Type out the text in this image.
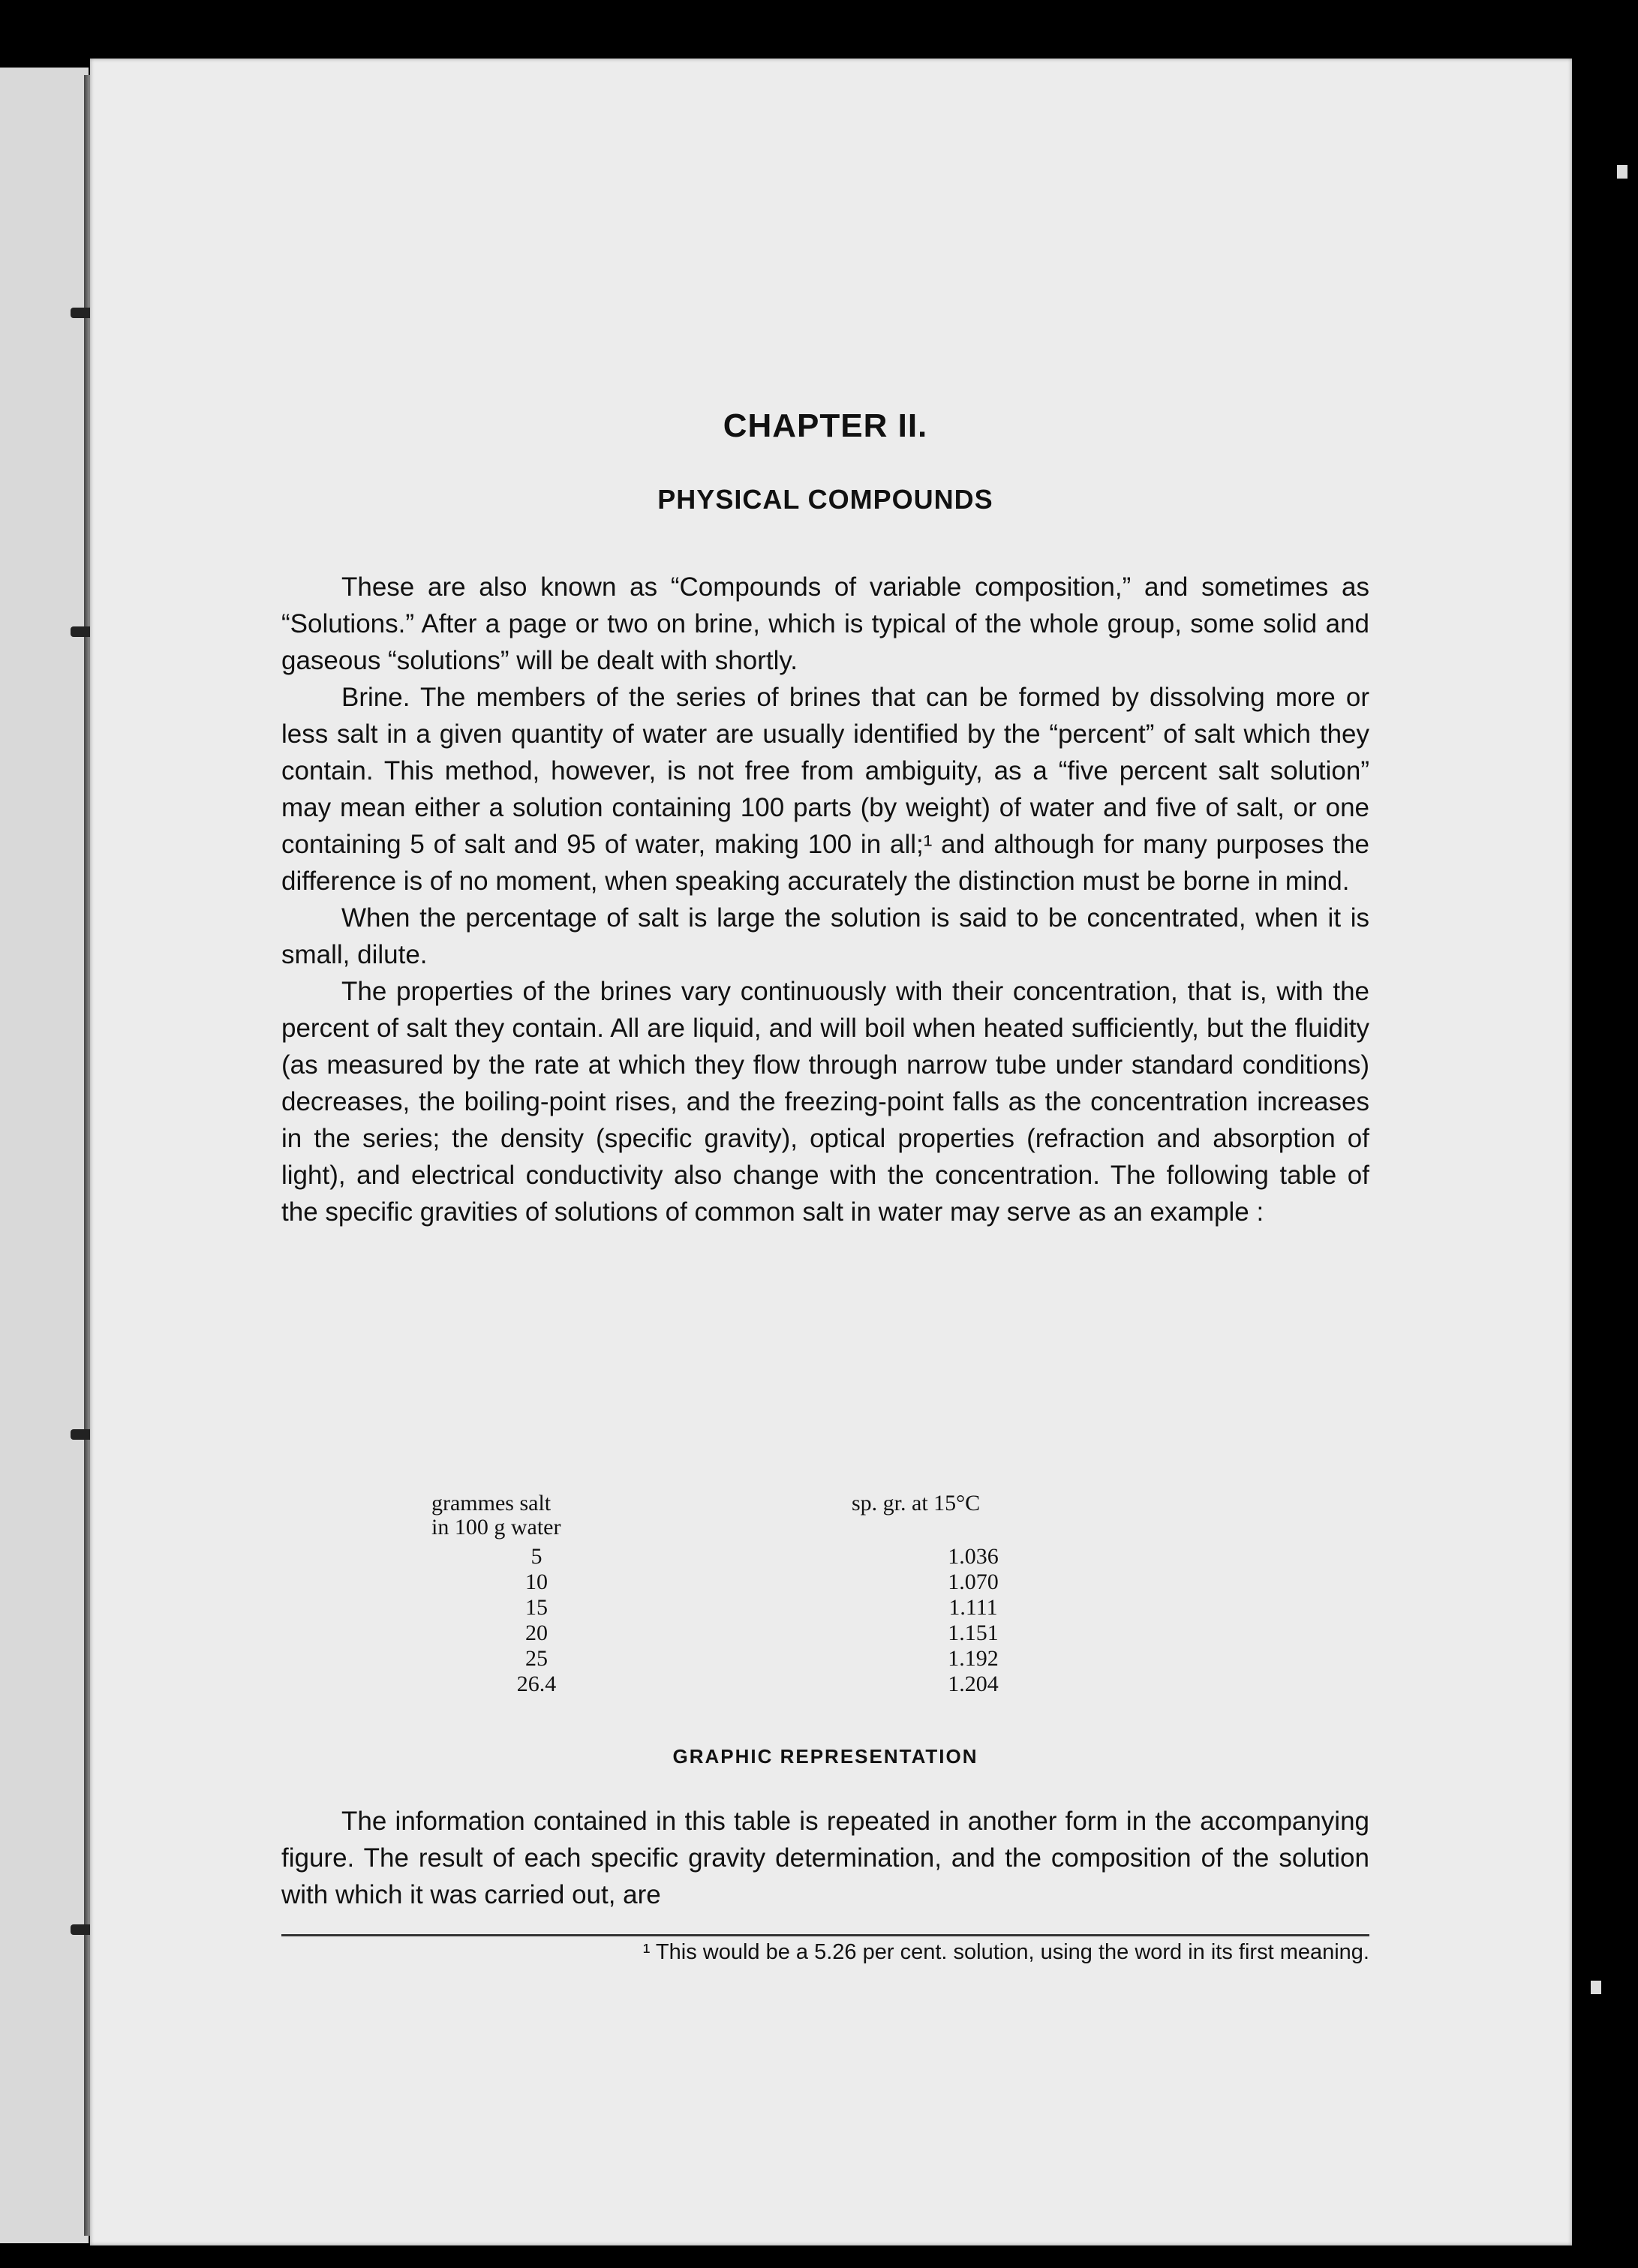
CHAPTER II.
PHYSICAL COMPOUNDS

These are also known as “Compounds of variable composition,” and sometimes as “Solutions.” After a page or two on brine, which is typical of the whole group, some solid and gaseous “solutions” will be dealt with shortly.

Brine. The members of the series of brines that can be formed by dissolving more or less salt in a given quantity of water are usually identified by the “percent” of salt which they contain. This method, however, is not free from ambiguity, as a “five percent salt solution” may mean either a solution containing 100 parts (by weight) of water and five of salt, or one containing 5 of salt and 95 of water, making 100 in all;¹ and although for many purposes the difference is of no moment, when speaking accurately the distinction must be borne in mind.

When the percentage of salt is large the solution is said to be concentrated, when it is small, dilute.

The properties of the brines vary continuously with their concentration, that is, with the percent of salt they contain. All are liquid, and will boil when heated sufficiently, but the fluidity (as measured by the rate at which they flow through narrow tube under standard conditions) decreases, the boiling-point rises, and the freezing-point falls as the concentration increases in the series; the density (specific gravity), optical properties (refraction and absorption of light), and electrical conductivity also change with the concentration. The following table of the specific gravities of solutions of common salt in water may serve as an example :

grammes salt
in 100 g water
sp. gr. at 15°C
5
10
15
20
25
26.4
1.036
1.070
1.111
1.151
1.192
1.204
GRAPHIC REPRESENTATION

The information contained in this table is repeated in another form in the accompanying figure. The result of each specific gravity determination, and the composition of the solution with which it was carried out, are

¹ This would be a 5.26 per cent. solution, using the word in its first meaning.
